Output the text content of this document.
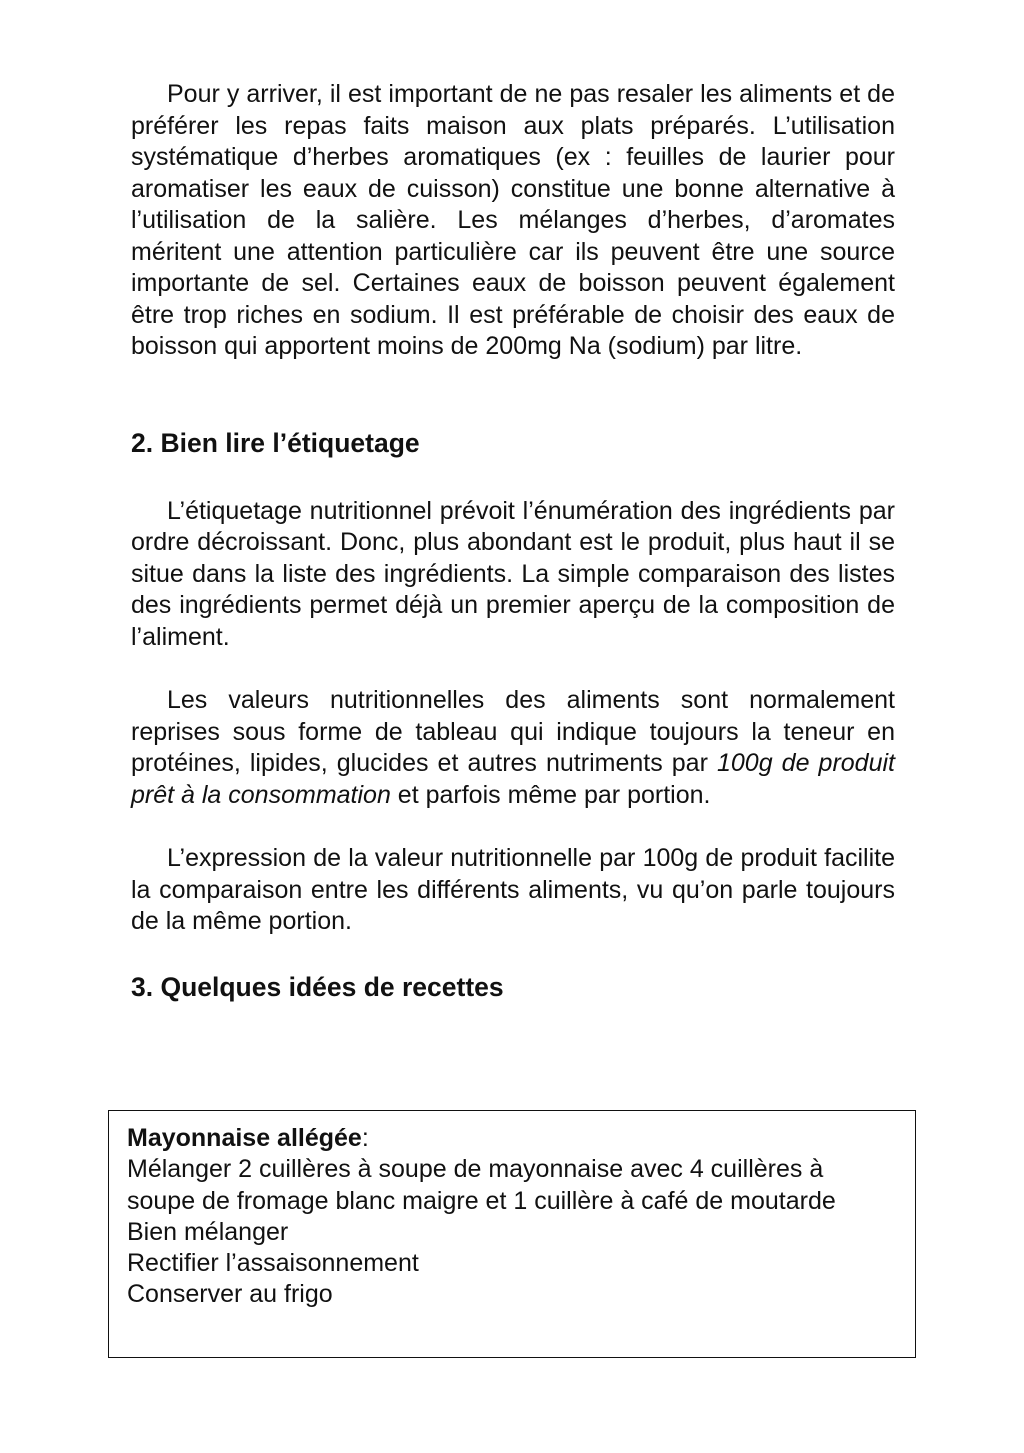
Pour y arriver, il est important de ne pas resaler les aliments et de préférer les repas faits maison aux plats préparés. L’utilisation systématique d’herbes aromatiques (ex : feuilles de laurier pour aromatiser les eaux de cuisson) constitue une bonne alternative à l’utilisation de la salière. Les mélanges d’herbes, d’aromates méritent une attention particulière car ils peuvent être une source importante de sel. Certaines eaux de boisson peuvent également être trop riches en sodium. Il est préférable de choisir des eaux de boisson qui apportent moins de 200mg Na (sodium) par litre.

2. Bien lire l’étiquetage

L’étiquetage nutritionnel prévoit l’énumération des ingrédients par ordre décroissant. Donc, plus abondant est le produit, plus haut il se situe dans la liste des ingrédients. La simple comparaison des listes des ingrédients permet déjà un premier aperçu de la composition de l’aliment.

Les valeurs nutritionnelles des aliments sont normalement reprises sous forme de tableau qui indique toujours la teneur en protéines, lipides, glucides et autres nutriments par 100g de produit prêt à la consommation et parfois même par portion.

L’expression de la valeur nutritionnelle par 100g de produit facilite la comparaison entre les différents aliments, vu qu’on parle toujours de la même portion.

3. Quelques idées de recettes
Mayonnaise allégée:
Mélanger 2 cuillères à soupe de mayonnaise avec 4 cuillères à soupe de fromage blanc maigre et 1 cuillère à café de moutarde
Bien mélanger
Rectifier l’assaisonnement
Conserver au frigo
